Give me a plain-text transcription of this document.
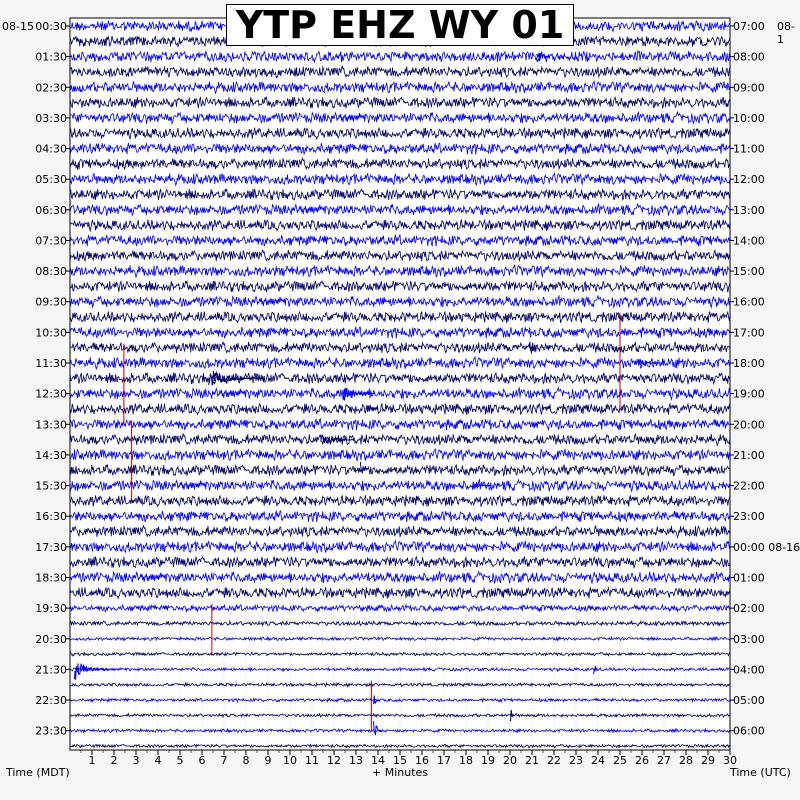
00:30
01:30
02:30
03:30
04:30
05:30
06:30
07:30
08:30
09:30
10:30
11:30
12:30
13:30
14:30
15:30
16:30
17:30
18:30
19:30
20:30
21:30
22:30
23:30
07:00
08:00
09:00
10:00
11:00
12:00
13:00
14:00
15:00
16:00
17:00
18:00
19:00
20:00
21:00
22:00
23:00
00:00 08-16
01:00
02:00
03:00
04:00
05:00
06:00
1 2 3 4 5 6 7 8 9 10 11 12 13 14 15 16 17 18 19 20 21 22 23 24 25 26 27 28 29 30
YTP EHZ WY 01
08-15	08-1
Time (MDT)	+ Minutes	Time (UTC)
